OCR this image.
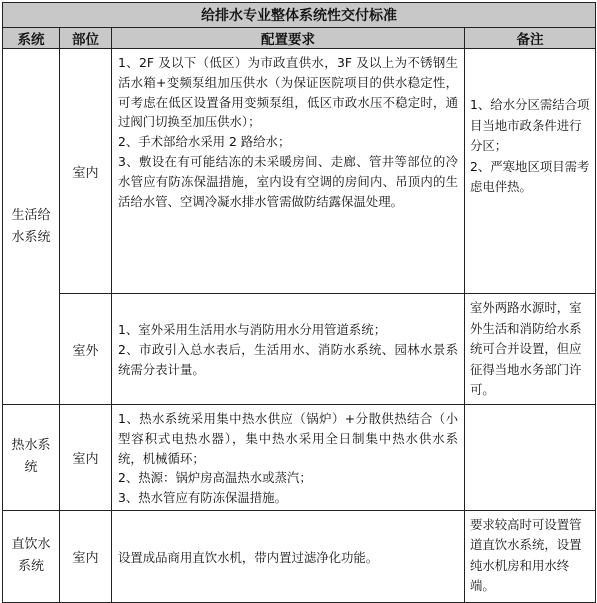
给排水专业整体系统性交付标准			
系统	部位	配置要求	备注
生活给水系统	室内	1、2F 及以下（低区）为市政直供水，3F 及以上为不锈钢生活水箱+变频泵组加压供水（为保证医院项目的供水稳定性，可考虑在低区设置备用变频泵组，低区市政水压不稳定时，通过阀门切换至加压供水）；
2、手术部给水采用 2 路给水；
3、敷设在有可能结冻的未采暖房间、走廊、管井等部位的冷水管应有防冻保温措施，室内设有空调的房间内、吊顶内的生活给水管、空调冷凝水排水管需做防结露保温处理。	1、给水分区需结合项目当地市政条件进行分区；
2、严寒地区项目需考虑电伴热。

	室外	1、室外采用生活用水与消防用水分用管道系统；
2、市政引入总水表后，生活用水、消防水系统、园林水景系统需分表计量。	室外两路水源时，室外生活和消防给水系统可合并设置，但应征得当地水务部门许可。

热水系统	室内	1、热水系统采用集中热水供应（锅炉）+分散供热结合（小型容积式电热水器），集中热水采用全日制集中热水供水系统，机械循环；
2、热源：锅炉房高温热水或蒸汽；
3、热水管应有防冻保温措施。	

直饮水系统	室内	设置成品商用直饮水机，带内置过滤净化功能。	要求较高时可设置管道直饮水系统，设置纯水机房和用水终端。
